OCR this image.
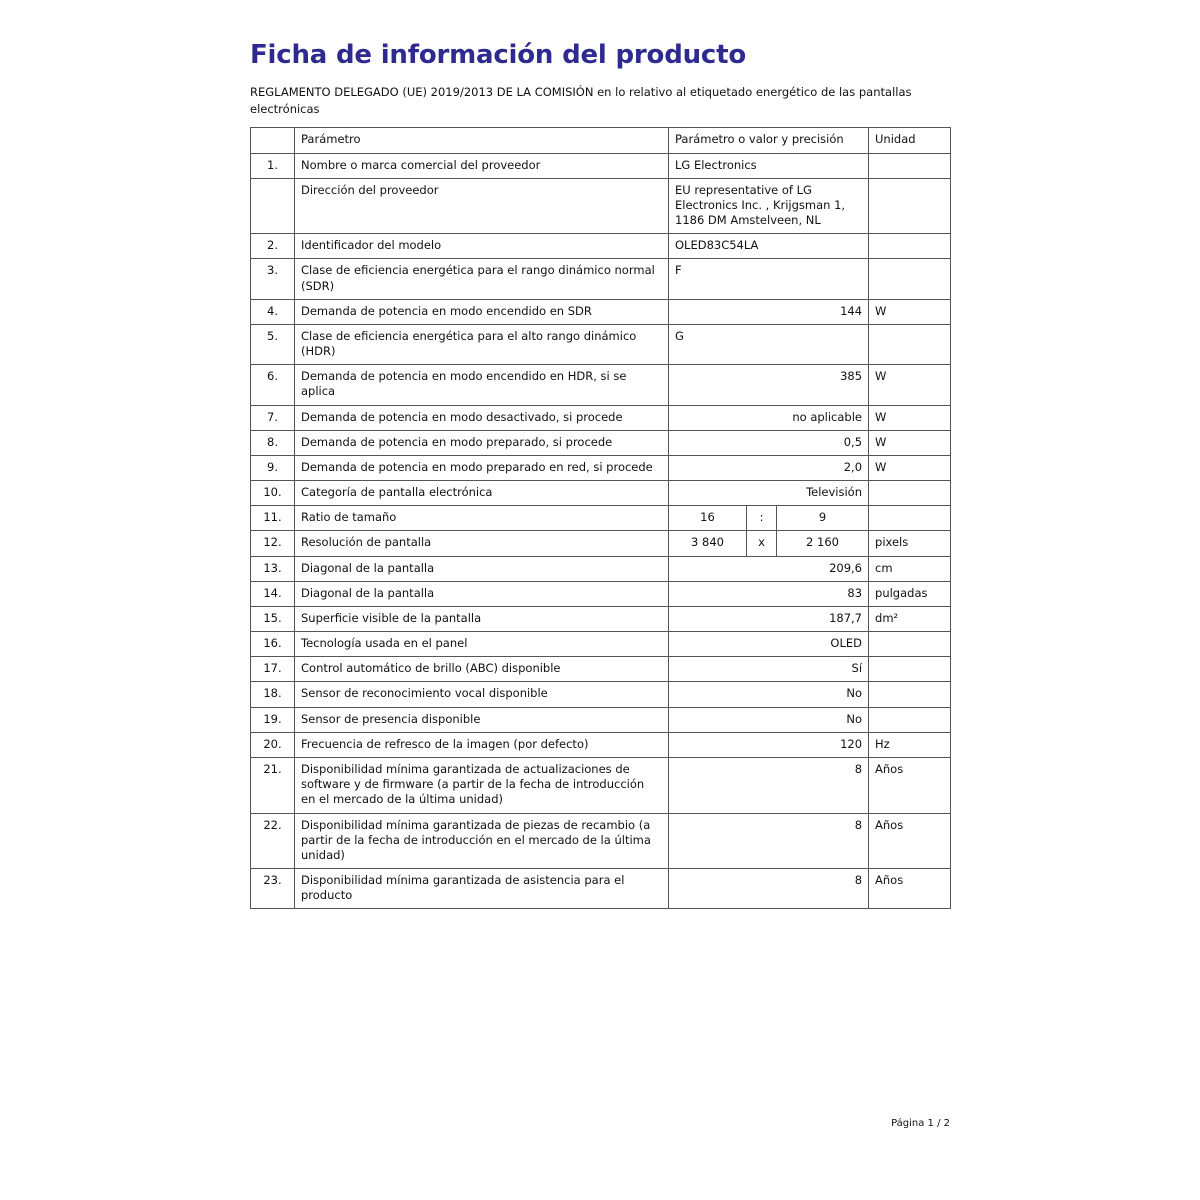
Ficha de información del producto

REGLAMENTO DELEGADO (UE) 2019/2013 DE LA COMISIÓN en lo relativo al etiquetado energético de las pantallas electrónicas

	Parámetro	Parámetro o valor y precisión			Unidad
1.	Nombre o marca comercial del proveedor	LG Electronics			
	Dirección del proveedor	EU representative of LG Electronics Inc. , Krijgsman 1, 1186 DM Amstelveen, NL			
2.	Identificador del modelo	OLED83C54LA			
3.	Clase de eficiencia energética para el rango dinámico normal (SDR)	F			
4.	Demanda de potencia en modo encendido en SDR	144			W
5.	Clase de eficiencia energética para el alto rango dinámico (HDR)	G			
6.	Demanda de potencia en modo encendido en HDR, si se aplica	385			W
7.	Demanda de potencia en modo desactivado, si procede	no aplicable			W
8.	Demanda de potencia en modo preparado, si procede	0,5			W
9.	Demanda de potencia en modo preparado en red, si procede	2,0			W
10.	Categoría de pantalla electrónica	Televisión			
11.	Ratio de tamaño	16	:	9	
12.	Resolución de pantalla	3 840	x	2 160	pixels
13.	Diagonal de la pantalla	209,6			cm
14.	Diagonal de la pantalla	83			pulgadas
15.	Superficie visible de la pantalla	187,7			dm²
16.	Tecnología usada en el panel	OLED			
17.	Control automático de brillo (ABC) disponible	Sí			
18.	Sensor de reconocimiento vocal disponible	No			
19.	Sensor de presencia disponible	No			
20.	Frecuencia de refresco de la imagen (por defecto)	120			Hz
21.	Disponibilidad mínima garantizada de actualizaciones de software y de firmware (a partir de la fecha de introducción en el mercado de la última unidad)	8			Años
22.	Disponibilidad mínima garantizada de piezas de recambio (a partir de la fecha de introducción en el mercado de la última unidad)	8			Años
23.	Disponibilidad mínima garantizada de asistencia para el producto	8			Años
Página 1 / 2
